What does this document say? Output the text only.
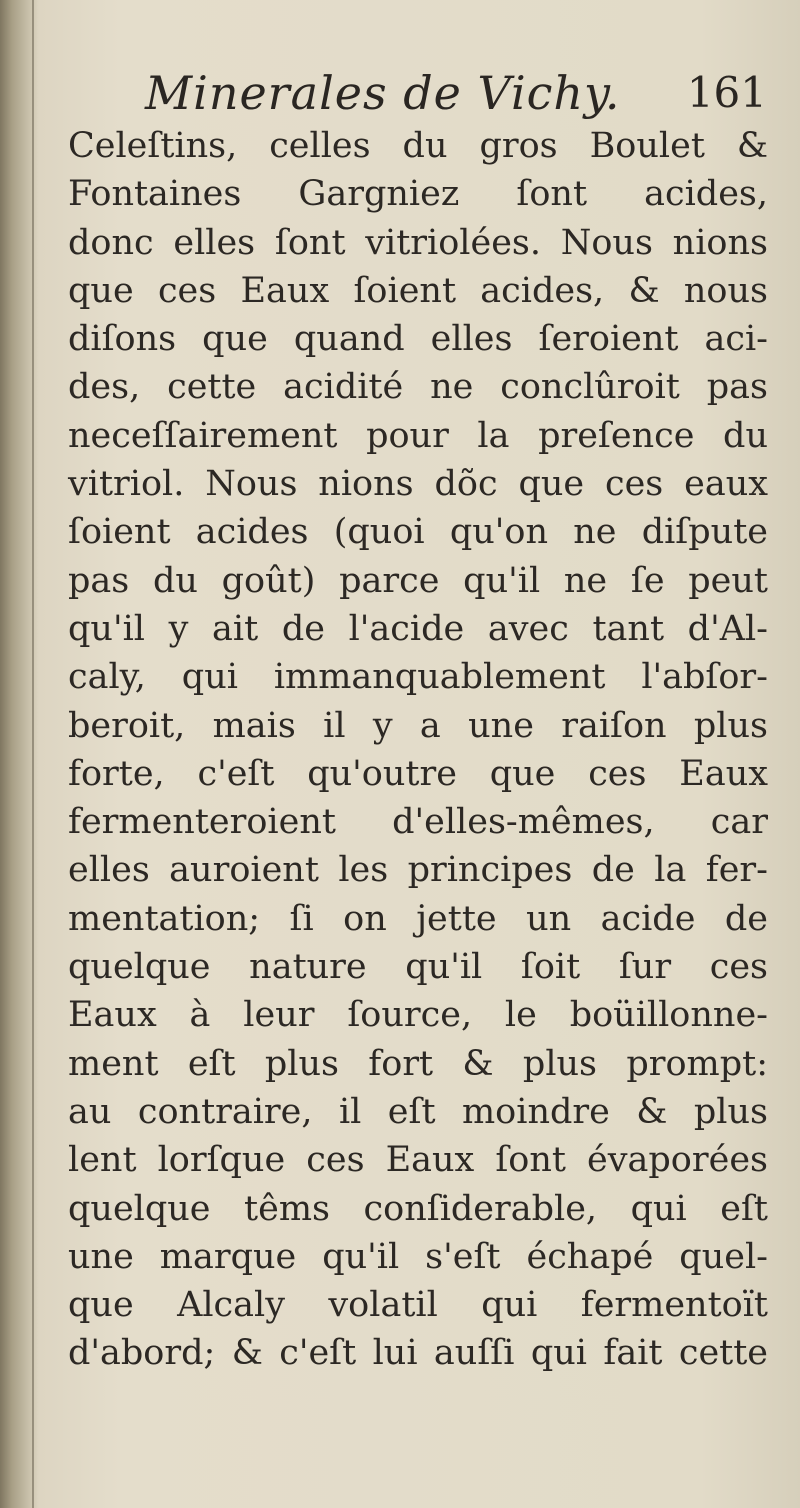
Minerales de Vichy. 161
Celeſtins, celles du gros Boulet &
Fontaines Gargniez ſont acides,
donc elles ſont vitriolées. Nous nions
que ces Eaux ſoient acides, & nous
diſons que quand elles ſeroient aci-
des, cette acidité ne conclûroit pas
neceſſairement pour la preſence du
vitriol. Nous nions dõc que ces eaux
ſoient acides (quoi qu'on ne diſpute
pas du goût) parce qu'il ne ſe peut
qu'il y ait de l'acide avec tant d'Al-
caly, qui immanquablement l'abſor-
beroit, mais il y a une raiſon plus
forte, c'eſt qu'outre que ces Eaux
fermenteroient d'elles-mêmes, car
elles auroient les principes de la fer-
mentation; ſi on jette un acide de
quelque nature qu'il ſoit ſur ces
Eaux à leur ſource, le boüillonne-
ment eſt plus fort & plus prompt:
au contraire, il eſt moindre & plus
lent lorſque ces Eaux ſont évaporées
quelque têms conſiderable, qui eſt
une marque qu'il s'eſt échapé quel-
que Alcaly volatil qui fermentoït
d'abord; & c'eſt lui auſſi qui fait cette
